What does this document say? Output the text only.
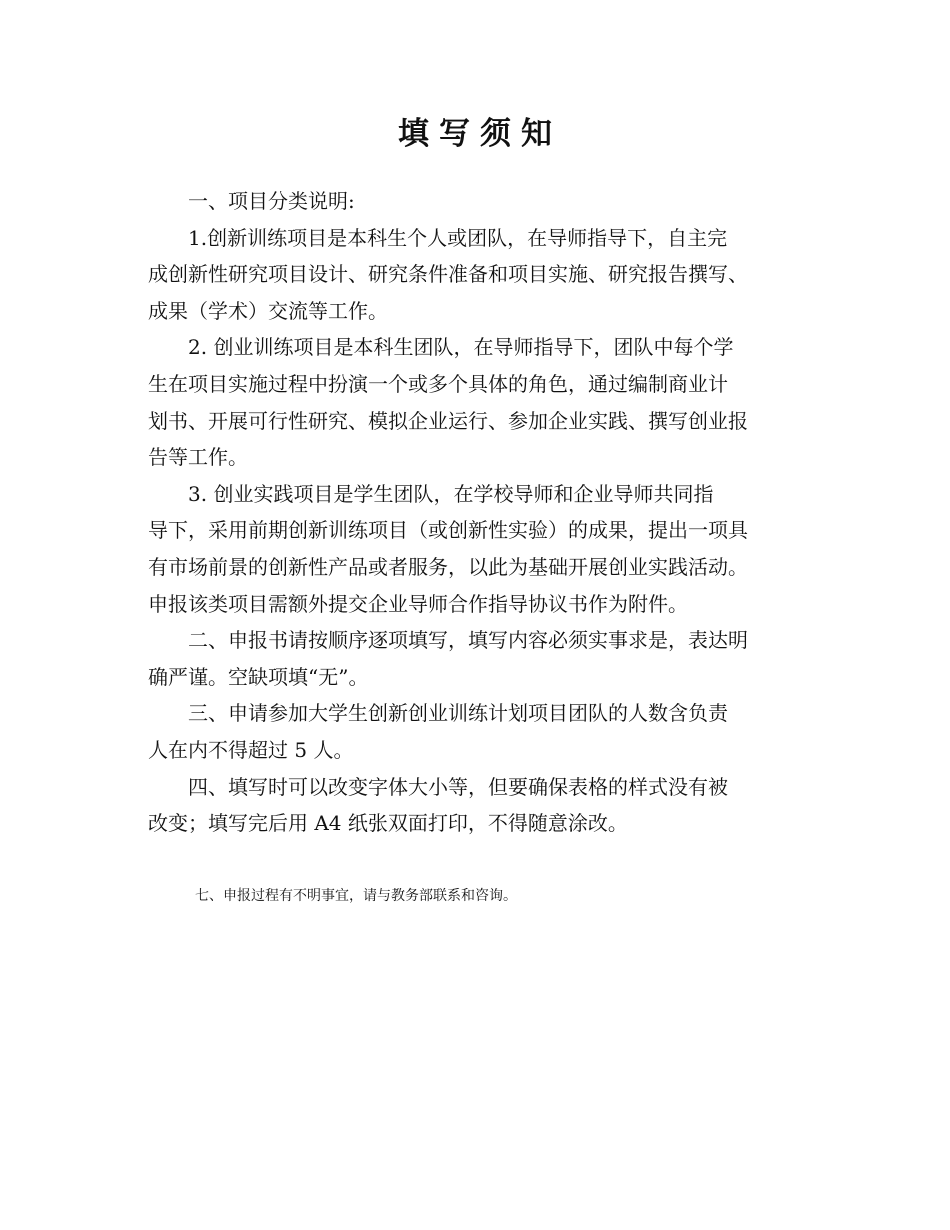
填写须知

一、项目分类说明:

1.创新训练项目是本科生个人或团队，在导师指导下，自主完
成创新性研究项目设计、研究条件准备和项目实施、研究报告撰写、
成果（学术）交流等工作。

2. 创业训练项目是本科生团队，在导师指导下，团队中每个学
生在项目实施过程中扮演一个或多个具体的角色，通过编制商业计
划书、开展可行性研究、模拟企业运行、参加企业实践、撰写创业报
告等工作。

3. 创业实践项目是学生团队，在学校导师和企业导师共同指
导下，采用前期创新训练项目（或创新性实验）的成果，提出一项具
有市场前景的创新性产品或者服务，以此为基础开展创业实践活动。
申报该类项目需额外提交企业导师合作指导协议书作为附件。

二、申报书请按顺序逐项填写，填写内容必须实事求是，表达明
确严谨。空缺项填“无”。

三、申请参加大学生创新创业训练计划项目团队的人数含负责
人在内不得超过 5 人。

四、填写时可以改变字体大小等，但要确保表格的样式没有被
改变；填写完后用 A4 纸张双面打印，不得随意涂改。

七、申报过程有不明事宜，请与教务部联系和咨询。
